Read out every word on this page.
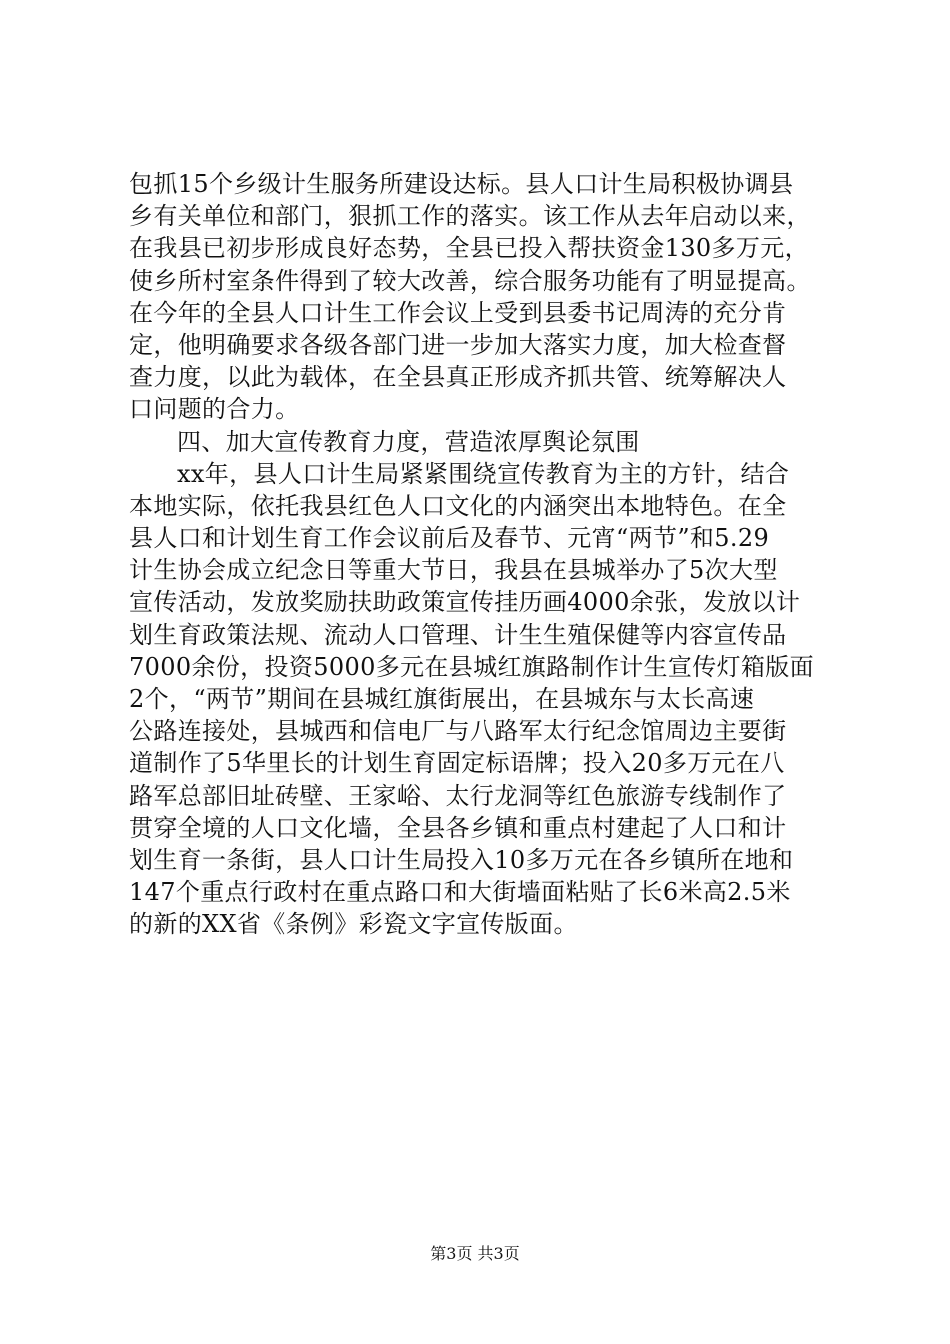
包抓15个乡级计生服务所建设达标。县人口计生局积极协调县
乡有关单位和部门，狠抓工作的落实。该工作从去年启动以来，
在我县已初步形成良好态势，全县已投入帮扶资金130多万元，
使乡所村室条件得到了较大改善，综合服务功能有了明显提高。
在今年的全县人口计生工作会议上受到县委书记周涛的充分肯
定，他明确要求各级各部门进一步加大落实力度，加大检查督
查力度，以此为载体，在全县真正形成齐抓共管、统筹解决人
口问题的合力。
四、加大宣传教育力度，营造浓厚舆论氛围
xx年，县人口计生局紧紧围绕宣传教育为主的方针，结合
本地实际，依托我县红色人口文化的内涵突出本地特色。在全
县人口和计划生育工作会议前后及春节、元宵“两节”和5.29
计生协会成立纪念日等重大节日，我县在县城举办了5次大型
宣传活动，发放奖励扶助政策宣传挂历画4000余张，发放以计
划生育政策法规、流动人口管理、计生生殖保健等内容宣传品
7000余份，投资5000多元在县城红旗路制作计生宣传灯箱版面
2个，“两节”期间在县城红旗街展出，在县城东与太长高速
公路连接处，县城西和信电厂与八路军太行纪念馆周边主要街
道制作了5华里长的计划生育固定标语牌；投入20多万元在八
路军总部旧址砖壁、王家峪、太行龙洞等红色旅游专线制作了
贯穿全境的人口文化墙，全县各乡镇和重点村建起了人口和计
划生育一条街，县人口计生局投入10多万元在各乡镇所在地和
147个重点行政村在重点路口和大街墙面粘贴了长6米高2.5米
的新的XX省《条例》彩瓷文字宣传版面。
第3页 共3页
